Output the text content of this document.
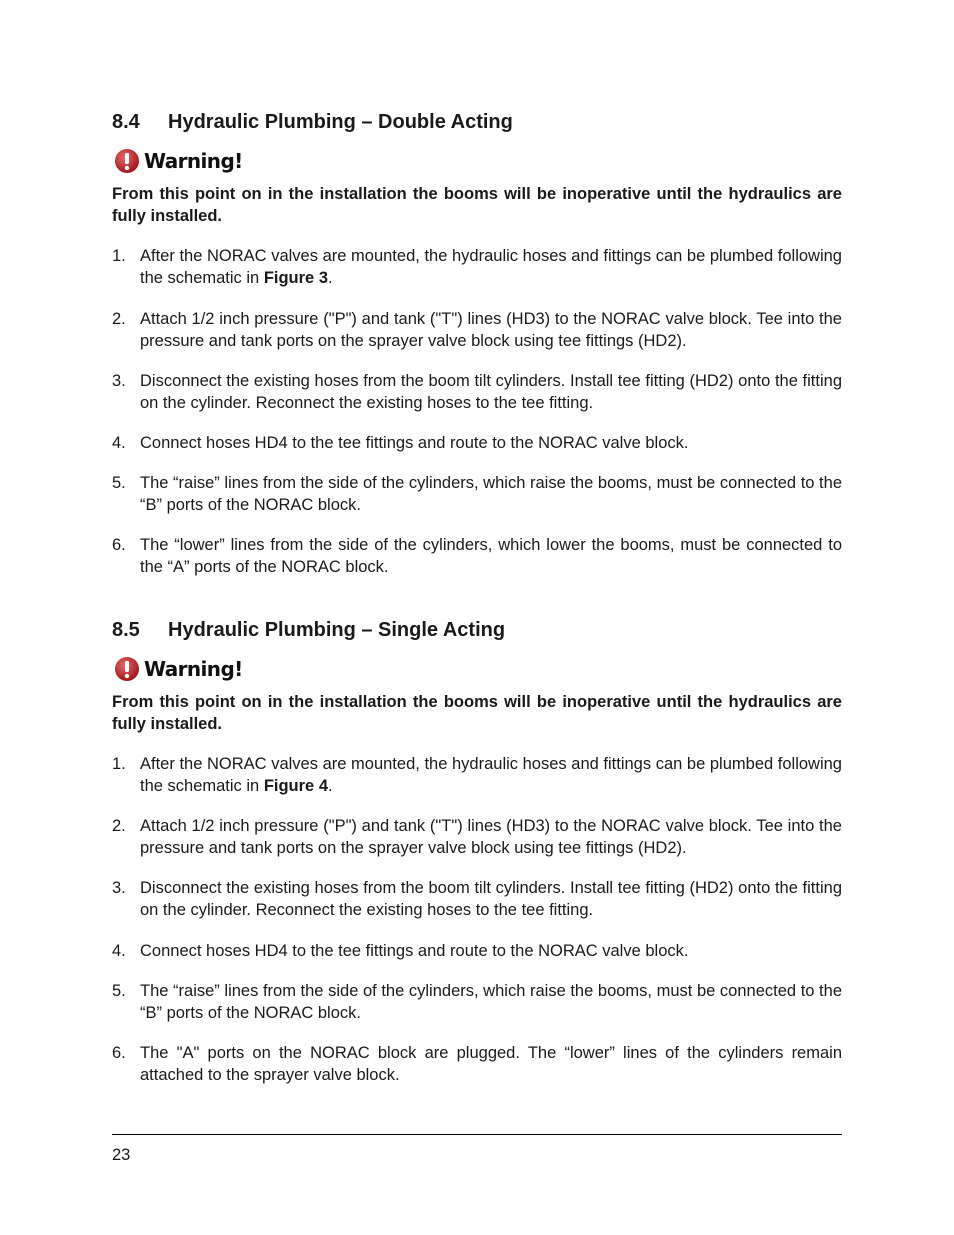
8.4 Hydraulic Plumbing – Double Acting
Warning!
From this point on in the installation the booms will be inoperative until the hydraulics are fully installed.
1. After the NORAC valves are mounted, the hydraulic hoses and fittings can be plumbed following the schematic in Figure 3.
2. Attach 1/2 inch pressure ("P") and tank ("T") lines (HD3) to the NORAC valve block. Tee into the pressure and tank ports on the sprayer valve block using tee fittings (HD2).
3. Disconnect the existing hoses from the boom tilt cylinders. Install tee fitting (HD2) onto the fitting on the cylinder. Reconnect the existing hoses to the tee fitting.
4. Connect hoses HD4 to the tee fittings and route to the NORAC valve block.
5. The “raise” lines from the side of the cylinders, which raise the booms, must be connected to the “B” ports of the NORAC block.
6. The “lower” lines from the side of the cylinders, which lower the booms, must be connected to the “A” ports of the NORAC block.
8.5 Hydraulic Plumbing – Single Acting
Warning!
From this point on in the installation the booms will be inoperative until the hydraulics are fully installed.
1. After the NORAC valves are mounted, the hydraulic hoses and fittings can be plumbed following the schematic in Figure 4.
2. Attach 1/2 inch pressure ("P") and tank ("T") lines (HD3) to the NORAC valve block. Tee into the pressure and tank ports on the sprayer valve block using tee fittings (HD2).
3. Disconnect the existing hoses from the boom tilt cylinders. Install tee fitting (HD2) onto the fitting on the cylinder. Reconnect the existing hoses to the tee fitting.
4. Connect hoses HD4 to the tee fittings and route to the NORAC valve block.
5. The “raise” lines from the side of the cylinders, which raise the booms, must be connected to the “B” ports of the NORAC block.
6. The "A" ports on the NORAC block are plugged. The “lower” lines of the cylinders remain attached to the sprayer valve block.
23
